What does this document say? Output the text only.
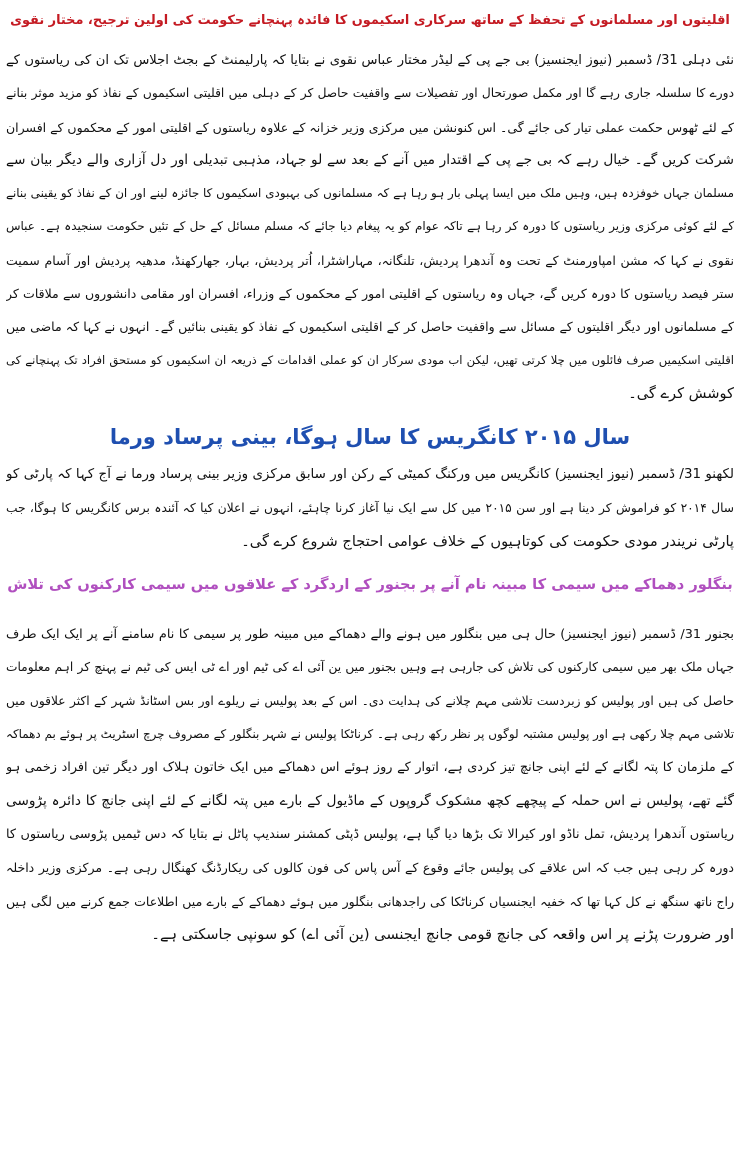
اقلیتوں اور مسلمانوں کے تحفظ کے ساتھ سرکاری اسکیموں کا فائدہ پہنچانے حکومت کی اولین ترجیح، مختار نقوی
نئی دہلی 31/ ڈسمبر (نیوز ایجنسیز) بی جے پی کے لیڈر مختار عباس نقوی نے بتایا کہ پارلیمنٹ کے بجٹ اجلاس تک ان کی ریاستوں کے
دورے کا سلسلہ جاری رہے گا اور مکمل صورتحال اور تفصیلات سے واقفیت حاصل کر کے دہلی میں اقلیتی اسکیموں کے نفاذ کو مزید موثر بنانے
کے لئے ٹھوس حکمت عملی تیار کی جائے گی۔ اس کنونشن میں مرکزی وزیر خزانہ کے علاوہ ریاستوں کے اقلیتی امور کے محکموں کے افسران
شرکت کریں گے۔ خیال رہے کہ بی جے پی کے اقتدار میں آنے کے بعد سے لو جہاد، مذہبی تبدیلی اور دل آزاری والے دیگر بیان سے
مسلمان جہاں خوفزدہ ہیں، وہیں ملک میں ایسا پہلی بار ہو رہا ہے کہ مسلمانوں کی بہبودی اسکیموں کا جائزہ لینے اور ان کے نفاذ کو یقینی بنانے
کے لئے کوئی مرکزی وزیر ریاستوں کا دورہ کر رہا ہے تاکہ عوام کو یہ پیغام دیا جائے کہ مسلم مسائل کے حل کے تئیں حکومت سنجیدہ ہے۔ عباس
نقوی نے کہا کہ مشن امپاورمنٹ کے تحت وہ آندھرا پردیش، تلنگانہ، مہاراشٹرا، اُتر پردیش، بہار، جھارکھنڈ، مدھیہ پردیش اور آسام سمیت
ستر فیصد ریاستوں کا دورہ کریں گے، جہاں وہ ریاستوں کے اقلیتی امور کے محکموں کے وزراء، افسران اور مقامی دانشوروں سے ملاقات کر
کے مسلمانوں اور دیگر اقلیتوں کے مسائل سے واقفیت حاصل کر کے اقلیتی اسکیموں کے نفاذ کو یقینی بنائیں گے۔ انہوں نے کہا کہ ماضی میں
اقلیتی اسکیمیں صرف فائلوں میں چلا کرتی تھیں، لیکن اب مودی سرکار ان کو عملی اقدامات کے ذریعہ ان اسکیموں کو مستحق افراد تک پہنچانے کی
کوشش کرے گی۔
سال ۲۰۱۵ کانگریس کا سال ہوگا، بینی پرساد ورما
لکھنو 31/ ڈسمبر (نیوز ایجنسیز) کانگریس میں ورکنگ کمیٹی کے رکن اور سابق مرکزی وزیر بینی پرساد ورما نے آج کہا کہ پارٹی کو
سال ۲۰۱۴ کو فراموش کر دینا ہے اور سن ۲۰۱۵ میں کل سے ایک نیا آغاز کرنا چاہئے، انہوں نے اعلان کیا کہ آئندہ برس کانگریس کا ہوگا، جب
پارٹی نریندر مودی حکومت کی کوتاہیوں کے خلاف عوامی احتجاج شروع کرے گی۔
بنگلور دھماکے میں سیمی کا مبینہ نام آنے پر بجنور کے اردگرد کے علاقوں میں سیمی کارکنوں کی تلاش
بجنور 31/ ڈسمبر (نیوز ایجنسیز) حال ہی میں بنگلور میں ہونے والے دھماکے میں مبینہ طور پر سیمی کا نام سامنے آنے پر ایک ایک طرف
جہاں ملک بھر میں سیمی کارکنوں کی تلاش کی جارہی ہے وہیں بجنور میں ین آئی اے کی ٹیم اور اے ٹی ایس کی ٹیم نے پہنچ کر اہم معلومات
حاصل کی ہیں اور پولیس کو زبردست تلاشی مہم چلانے کی ہدایت دی۔ اس کے بعد پولیس نے ریلوے اور بس اسٹانڈ شہر کے اکثر علاقوں میں
تلاشی مہم چلا رکھی ہے اور پولیس مشتبہ لوگوں پر نظر رکھ رہی ہے۔ کرناٹکا پولیس نے شہر بنگلور کے مصروف چرچ اسٹریٹ پر ہوئے بم دھماکہ
کے ملزمان کا پتہ لگانے کے لئے اپنی جانچ تیز کردی ہے، اتوار کے روز ہوئے اس دھماکے میں ایک خاتون ہلاک اور دیگر تین افراد زخمی ہو
گئے تھے، پولیس نے اس حملہ کے پیچھے کچھ مشکوک گروپوں کے ماڈیول کے بارے میں پتہ لگانے کے لئے اپنی جانچ کا دائرہ پڑوسی
ریاستوں آندھرا پردیش، تمل ناڈو اور کیرالا تک بڑھا دیا گیا ہے، پولیس ڈپٹی کمشنر سندیپ پاٹل نے بتایا کہ دس ٹیمیں پڑوسی ریاستوں کا
دورہ کر رہی ہیں جب کہ اس علاقے کی پولیس جائے وقوع کے آس پاس کی فون کالوں کی ریکارڈنگ کھنگال رہی ہے۔ مرکزی وزیر داخلہ
راج ناتھ سنگھ نے کل کہا تھا کہ خفیہ ایجنسیاں کرناٹکا کی راجدھانی بنگلور میں ہوئے دھماکے کے بارے میں اطلاعات جمع کرنے میں لگی ہیں
اور ضرورت پڑنے پر اس واقعہ کی جانچ قومی جانچ ایجنسی (ین آئی اے) کو سونپی جاسکتی ہے۔
